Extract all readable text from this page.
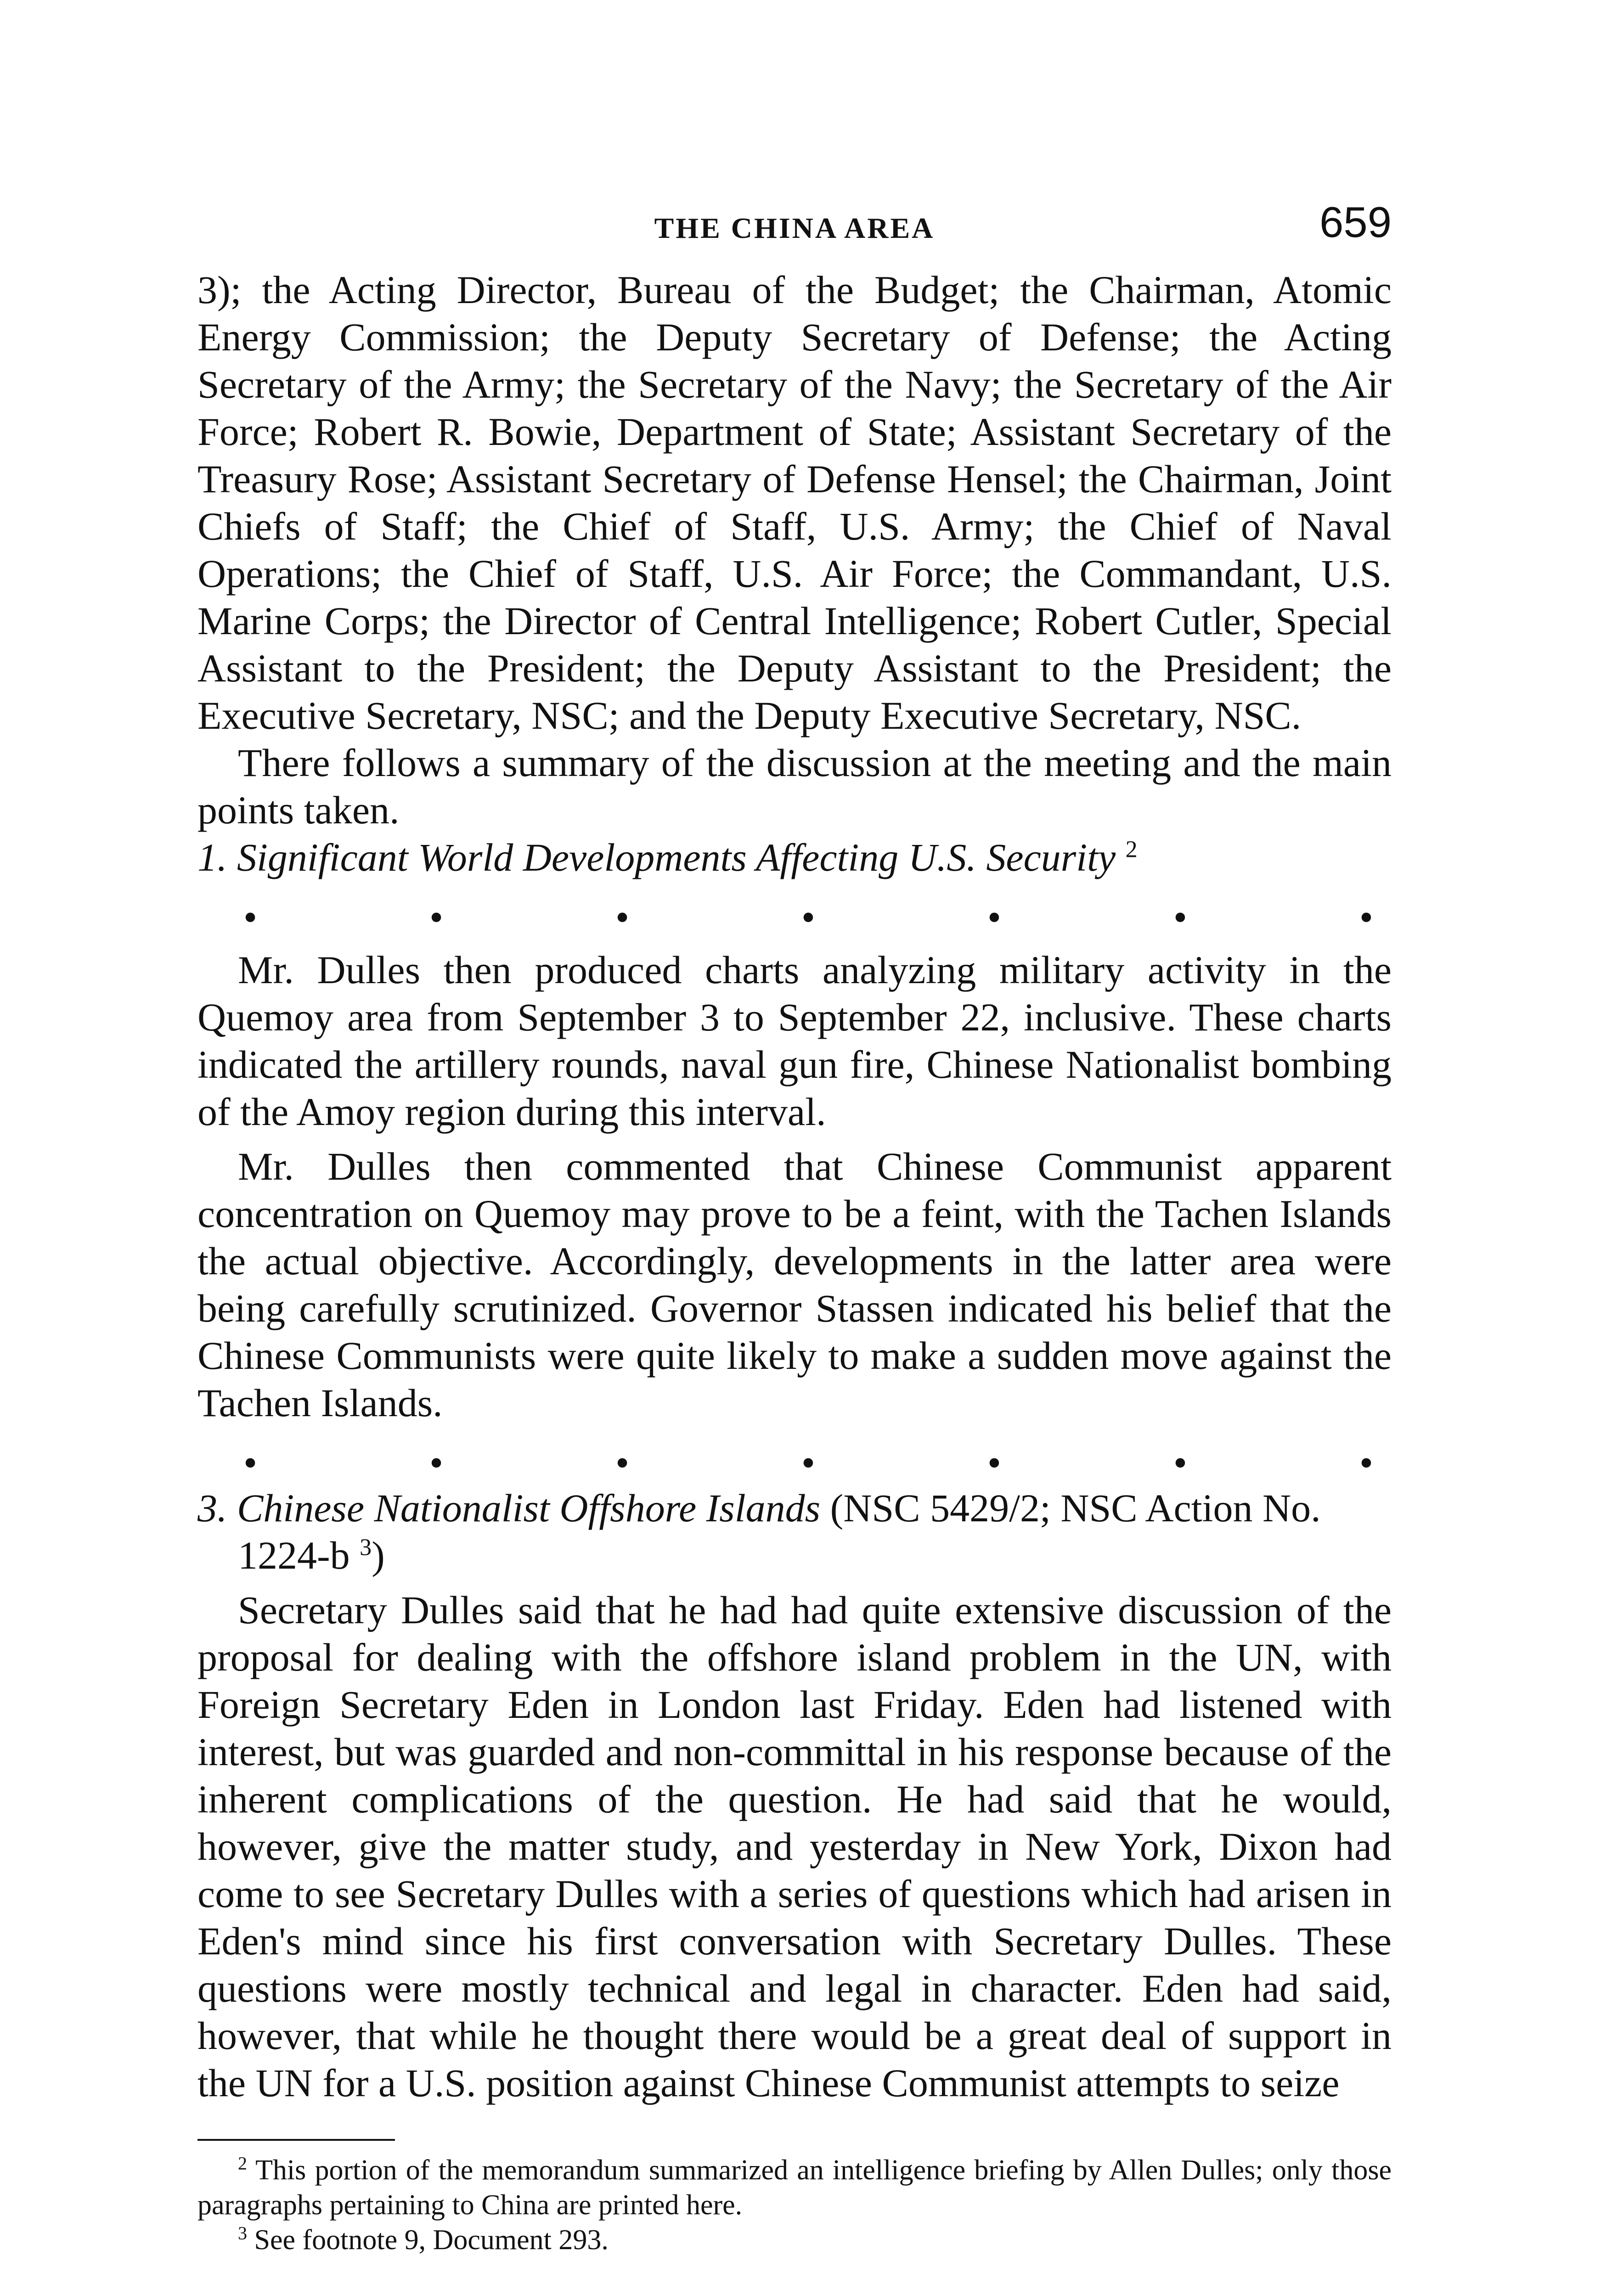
THE CHINA AREA	659

3); the Acting Director, Bureau of the Budget; the Chairman, Atomic Energy Commission; the Deputy Secretary of Defense; the Acting Secretary of the Army; the Secretary of the Navy; the Secretary of the Air Force; Robert R. Bowie, Department of State; Assistant Secretary of the Treasury Rose; Assistant Secretary of Defense Hensel; the Chairman, Joint Chiefs of Staff; the Chief of Staff, U.S. Army; the Chief of Naval Operations; the Chief of Staff, U.S. Air Force; the Commandant, U.S. Marine Corps; the Director of Central Intelligence; Robert Cutler, Special Assistant to the President; the Deputy Assistant to the President; the Executive Secretary, NSC; and the Deputy Executive Secretary, NSC.

There follows a summary of the discussion at the meeting and the main points taken.

1. Significant World Developments Affecting U.S. Security $^2$

•	•	•	•	•	•	•

Mr. Dulles then produced charts analyzing military activity in the Quemoy area from September 3 to September 22, inclusive. These charts indicated the artillery rounds, naval gun fire, Chinese Nationalist bombing of the Amoy region during this interval.

Mr. Dulles then commented that Chinese Communist apparent concentration on Quemoy may prove to be a feint, with the Tachen Islands the actual objective. Accordingly, developments in the latter area were being carefully scrutinized. Governor Stassen indicated his belief that the Chinese Communists were quite likely to make a sudden move against the Tachen Islands.

•	•	•	•	•	•	•

3. Chinese Nationalist Offshore Islands (NSC 5429/2; NSC Action No. 1224-b $^3$)

Secretary Dulles said that he had had quite extensive discussion of the proposal for dealing with the offshore island problem in the UN, with Foreign Secretary Eden in London last Friday. Eden had listened with interest, but was guarded and non-committal in his response because of the inherent complications of the question. He had said that he would, however, give the matter study, and yesterday in New York, Dixon had come to see Secretary Dulles with a series of questions which had arisen in Eden's mind since his first conversation with Secretary Dulles. These questions were mostly technical and legal in character. Eden had said, however, that while he thought there would be a great deal of support in the UN for a U.S. position against Chinese Communist attempts to seize

$^2$ This portion of the memorandum summarized an intelligence briefing by Allen Dulles; only those paragraphs pertaining to China are printed here.

$^3$ See footnote 9, Document 293.
